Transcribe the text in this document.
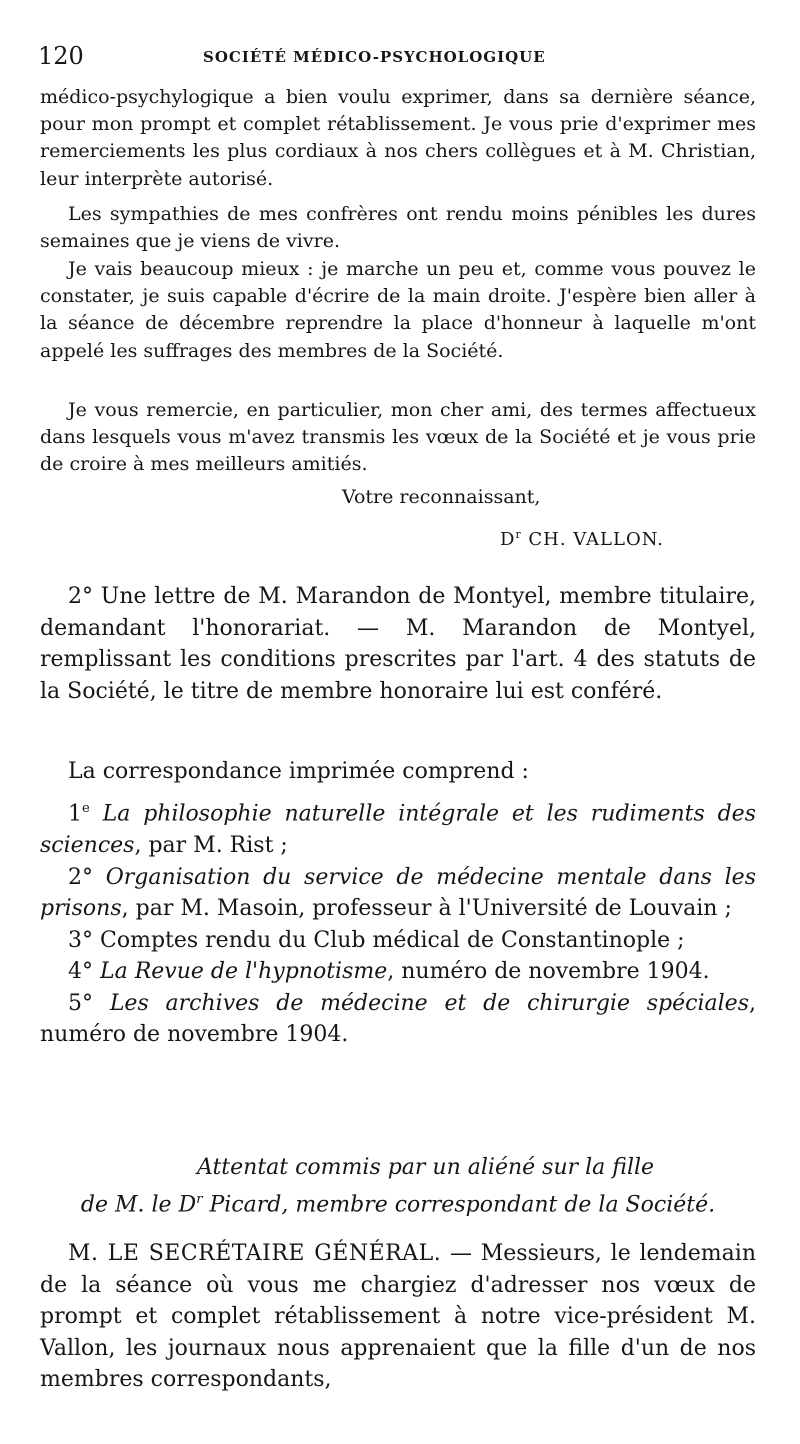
120	SOCIÉTÉ MÉDICO-PSYCHOLOGIQUE
médico-psychylogique a bien voulu exprimer, dans sa dernière séance, pour mon prompt et complet rétablissement. Je vous prie d'exprimer mes remerciements les plus cordiaux à nos chers collègues et à M. Christian, leur interprète autorisé.
Les sympathies de mes confrères ont rendu moins pénibles les dures semaines que je viens de vivre.
Je vais beaucoup mieux : je marche un peu et, comme vous pouvez le constater, je suis capable d'écrire de la main droite. J'espère bien aller à la séance de décembre reprendre la place d'honneur à laquelle m'ont appelé les suffrages des membres de la Société.
Je vous remercie, en particulier, mon cher ami, des termes affectueux dans lesquels vous m'avez transmis les vœux de la Société et je vous prie de croire à mes meilleurs amitiés.
Votre reconnaissant,
$D^r$ CH. VALLON.
2° Une lettre de M. Marandon de Montyel, membre titulaire, demandant l'honorariat. — M. Marandon de Montyel, remplissant les conditions prescrites par l'art. 4 des statuts de la Société, le titre de membre honoraire lui est conféré.
La correspondance imprimée comprend :
1e La philosophie naturelle intégrale et les rudiments des sciences, par M. Rist ;
2° Organisation du service de médecine mentale dans les prisons, par M. Masoin, professeur à l'Université de Louvain ;
3° Comptes rendu du Club médical de Constantinople ;
4° La Revue de l'hypnotisme, numéro de novembre 1904.
5° Les archives de médecine et de chirurgie spéciales, numéro de novembre 1904.
Attentat commis par un aliéné sur la fille
de M. le $D^r$ Picard, membre correspondant de la Société.
M. LE SECRÉTAIRE GÉNÉRAL. — Messieurs, le lendemain de la séance où vous me chargiez d'adresser nos vœux de prompt et complet rétablissement à notre vice-président M. Vallon, les journaux nous apprenaient que la fille d'un de nos membres correspondants,
